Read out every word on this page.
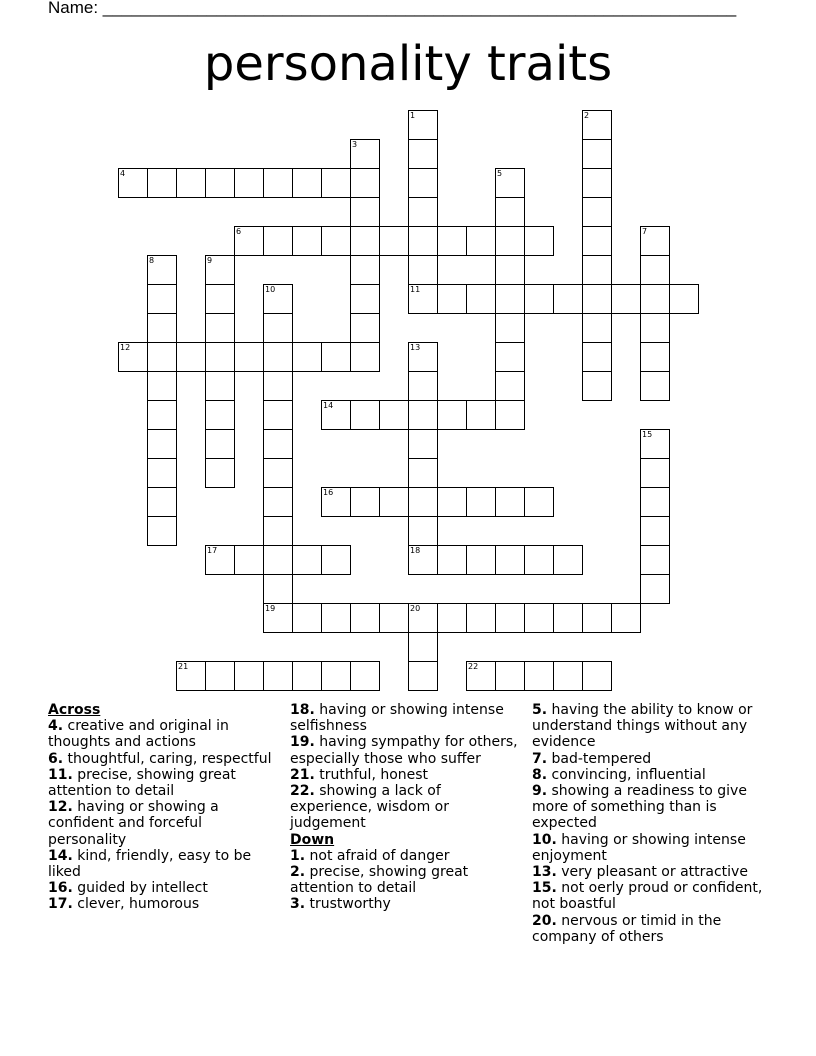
Name: ___________________________________________________________________
personality traits
1	2
3
4	5
6	7
8	9
10
19
11
12	13
14
15
16
17	18
20
21	22
Across
4. creative and original in thoughts and actions
6. thoughtful, caring, respectful
11. precise, showing great attention to detail
12. having or showing a confident and forceful personality
14. kind, friendly, easy to be liked
16. guided by intellect
17. clever, humorous
18. having or showing intense selfishness
19. having sympathy for others, especially those who suffer
21. truthful, honest
22. showing a lack of experience, wisdom or judgement
Down
1. not afraid of danger
2. precise, showing great attention to detail
3. trustworthy
5. having the ability to know or understand things without any evidence
7. bad-tempered
8. convincing, influential
9. showing a readiness to give more of something than is expected
10. having or showing intense enjoyment
13. very pleasant or attractive
15. not oerly proud or confident, not boastful
20. nervous or timid in the company of others
